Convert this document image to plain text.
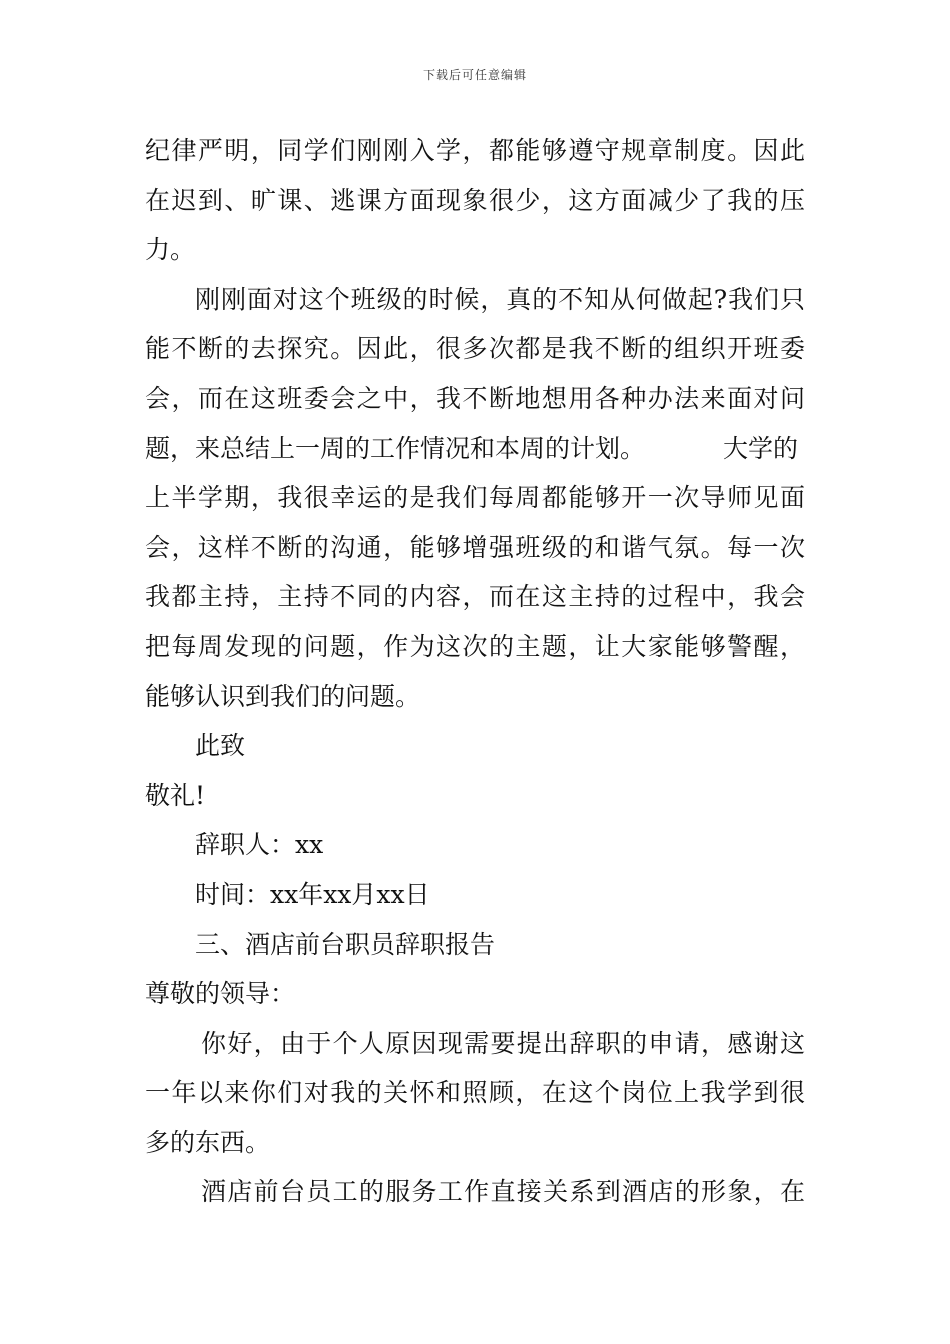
下载后可任意编辑
纪律严明，同学们刚刚入学，都能够遵守规章制度。因此
在迟到、旷课、逃课方面现象很少，这方面减少了我的压
力。
刚刚面对这个班级的时候，真的不知从何做起?我们只
能不断的去探究。因此，很多次都是我不断的组织开班委
会，而在这班委会之中，我不断地想用各种办法来面对问
题，来总结上一周的工作情况和本周的计划。	大学的
上半学期，我很幸运的是我们每周都能够开一次导师见面
会，这样不断的沟通，能够增强班级的和谐气氛。每一次
我都主持，主持不同的内容，而在这主持的过程中，我会
把每周发现的问题，作为这次的主题，让大家能够警醒，
能够认识到我们的问题。
此致
敬礼!
辞职人：xx
时间：xx年xx月xx日
三、酒店前台职员辞职报告
尊敬的领导：
你好，由于个人原因现需要提出辞职的申请，感谢这
一年以来你们对我的关怀和照顾，在这个岗位上我学到很
多的东西。
酒店前台员工的服务工作直接关系到酒店的形象，在
